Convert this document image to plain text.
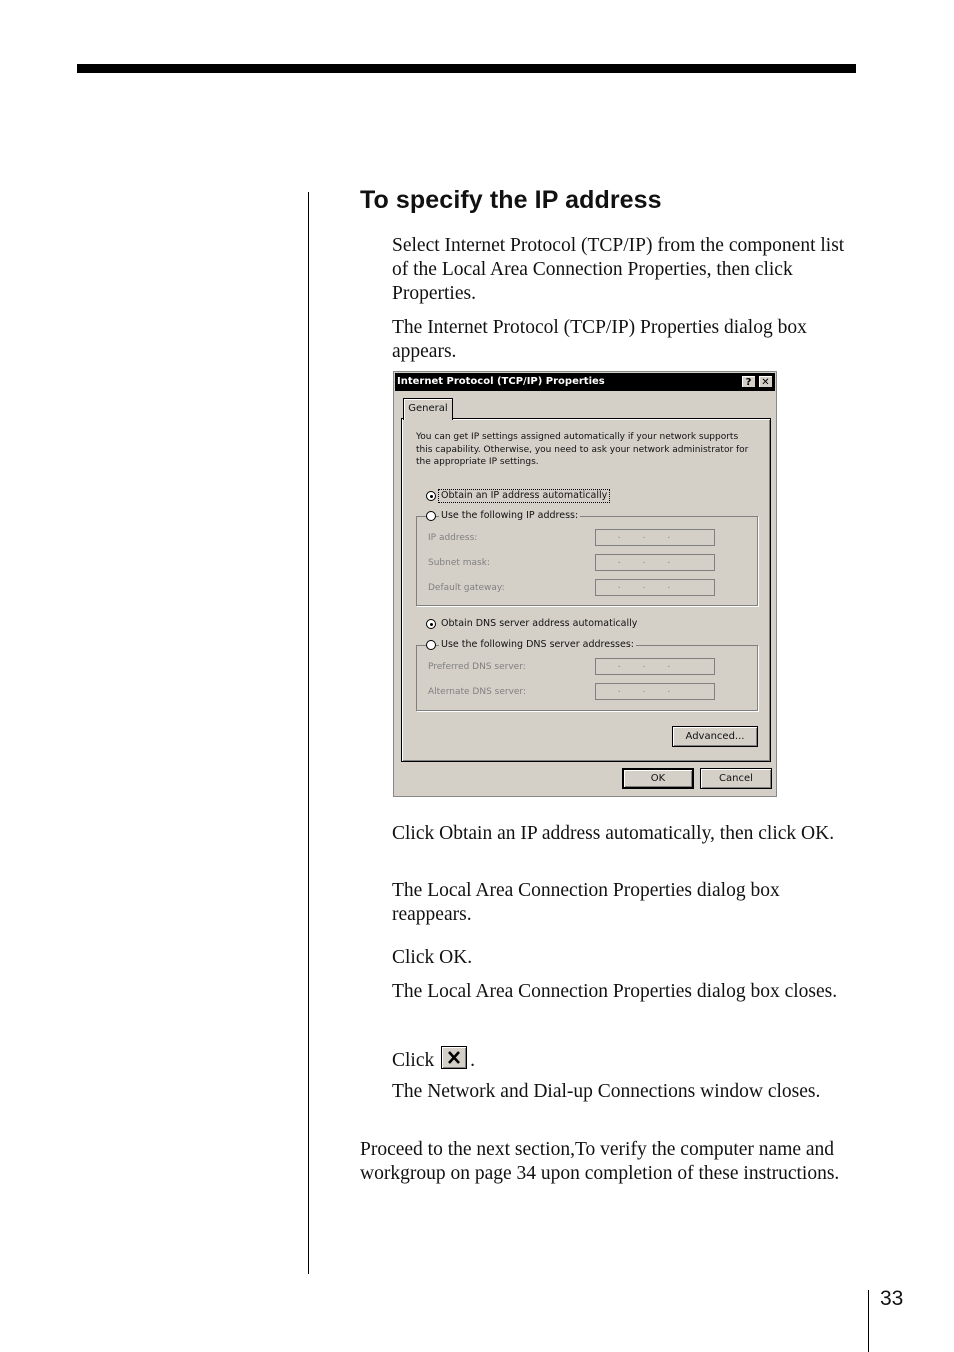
To specify the IP address

Select Internet Protocol (TCP/IP) from the component list of the Local Area Connection Properties, then click Properties.

The Internet Protocol (TCP/IP) Properties dialog box appears.

Internet Protocol (TCP/IP) Properties	? ✕
General
You can get IP settings assigned automatically if your network supports this capability. Otherwise, you need to ask your network administrator for the appropriate IP settings.
Obtain an IP address automatically
Use the following IP address:
IP address:	...
Subnet mask:	...
Default gateway:	...
Obtain DNS server address automatically
Use the following DNS server addresses:
Preferred DNS server:	...
Alternate DNS server:	...
Advanced...
OK	Cancel

Click Obtain an IP address automatically, then click OK.

The Local Area Connection Properties dialog box reappears.

Click OK.

The Local Area Connection Properties dialog box closes.

Click .

The Network and Dial-up Connections window closes.

Proceed to the next section,To verify the computer name and workgroup on page 34 upon completion of these instructions.

33
